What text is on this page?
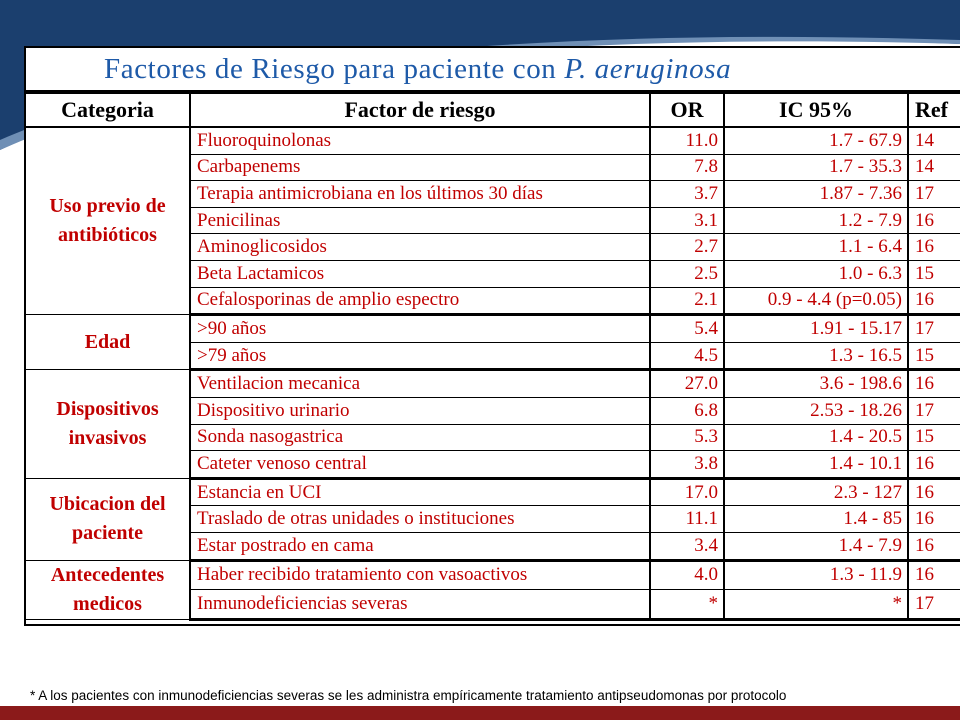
Factores de Riesgo para paciente con P. aeruginosa
Categoria	Factor de riesgo	OR	IC 95%	Ref
Uso previo de antibióticos	Fluoroquinolonas	11.0	1.7 - 67.9	14
	Carbapenems	7.8	1.7 - 35.3	14
	Terapia antimicrobiana en los últimos 30 días	3.7	1.87 - 7.36	17
	Penicilinas	3.1	1.2 - 7.9	16
	Aminoglicosidos	2.7	1.1 - 6.4	16
	Beta Lactamicos	2.5	1.0 - 6.3	15
	Cefalosporinas de amplio espectro	2.1	0.9 - 4.4 (p=0.05)	16
Edad	>90 años	5.4	1.91 - 15.17	17
	>79 años	4.5	1.3 - 16.5	15
Dispositivos invasivos	Ventilacion mecanica	27.0	3.6 - 198.6	16
	Dispositivo urinario	6.8	2.53 - 18.26	17
	Sonda nasogastrica	5.3	1.4 - 20.5	15
	Cateter venoso central	3.8	1.4 - 10.1	16
Ubicacion del paciente	Estancia en UCI	17.0	2.3 - 127	16
	Traslado de otras unidades o instituciones	11.1	1.4 - 85	16
	Estar postrado en cama	3.4	1.4 - 7.9	16
Antecedentes medicos	Haber recibido tratamiento con vasoactivos	4.0	1.3 - 11.9	16
	Inmunodeficiencias severas	*	*	17
* A los pacientes con inmunodeficiencias severas se les administra empíricamente tratamiento antipseudomonas por protocolo
